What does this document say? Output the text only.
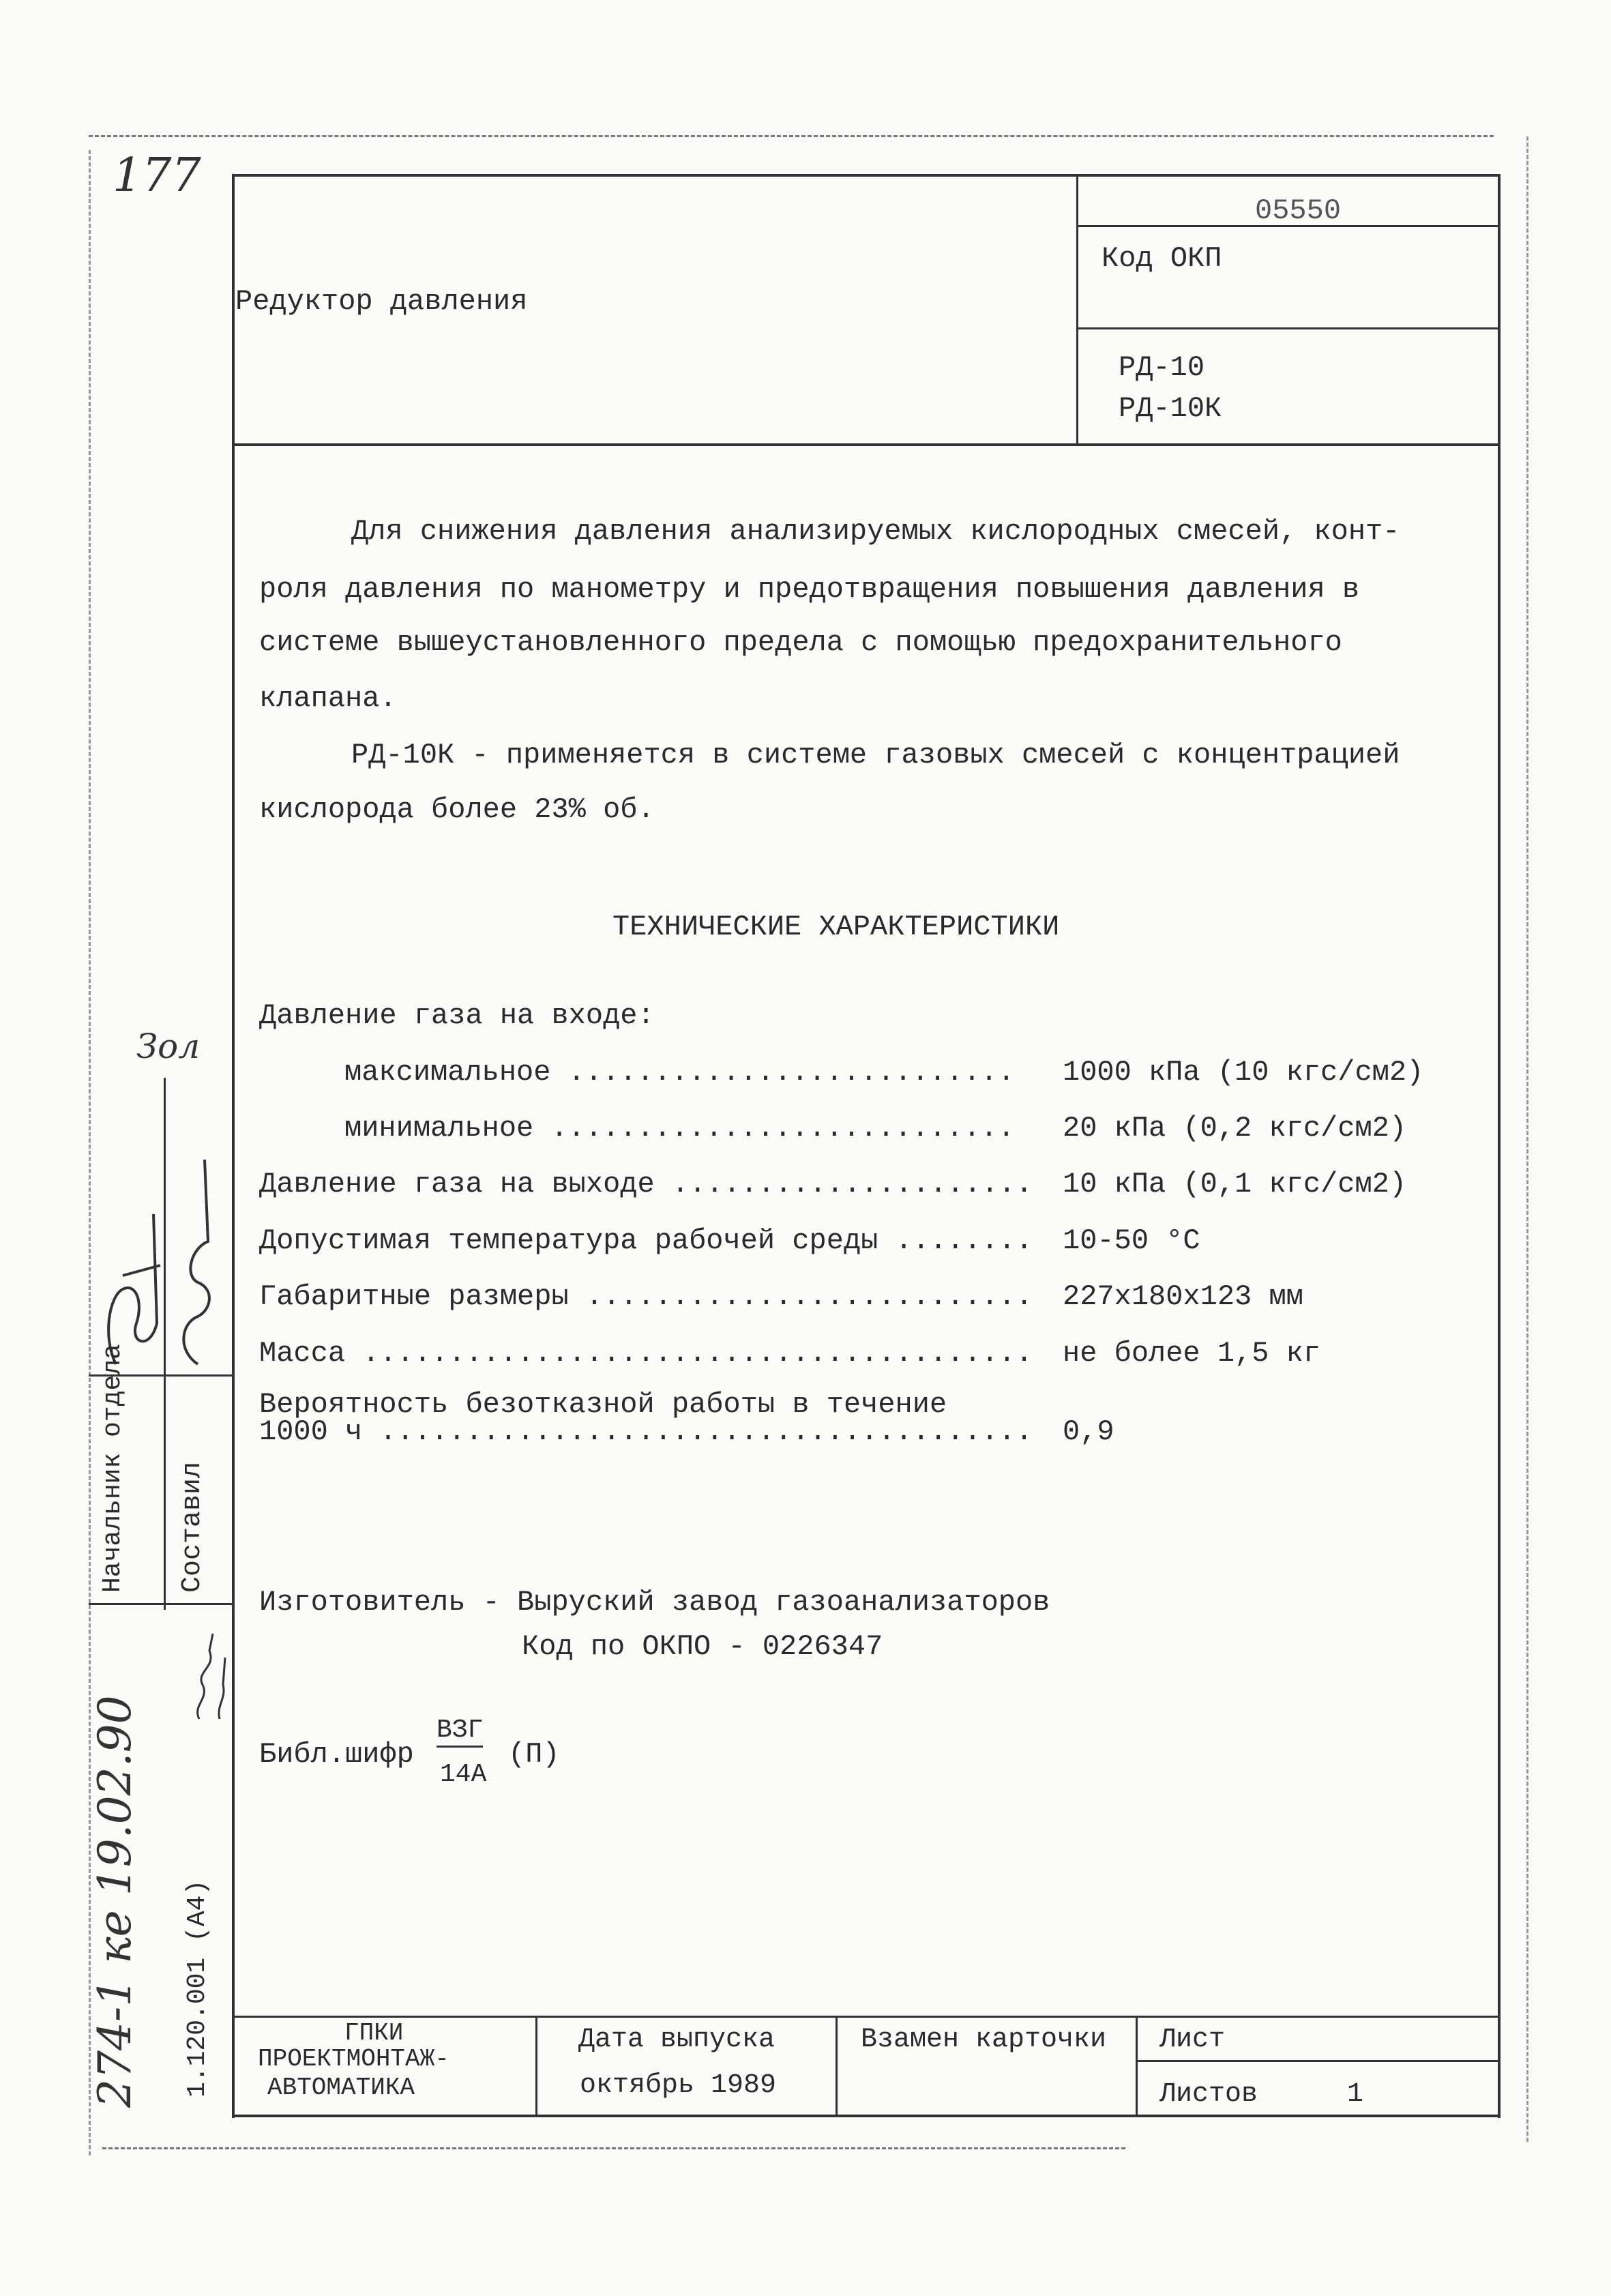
177
Редуктор давления
05550
Код ОКП
РД-10
РД-10К
Для снижения давления анализируемых кислородных смесей, конт-
роля давления по манометру и предотвращения повышения давления в
системе вышеустановленного предела с помощью предохранительного
клапана.
РД-10К - применяется в системе газовых смесей с концентрацией
кислорода более 23% об.
ТЕХНИЧЕСКИЕ ХАРАКТЕРИСТИКИ
Давление газа на входе:
максимальное .......................... 1000 кПа (10 кгс/см2)
минимальное ........................... 20 кПа (0,2 кгс/см2)
Давление газа на выходе ..................... 10 кПа (0,1 кгс/см2)
Допустимая температура рабочей среды ........ 10-50 °С
Габаритные размеры .......................... 227х180х123 мм
Масса ....................................... не более 1,5 кг
Вероятность безотказной работы в течение
1000 ч ...................................... 0,9
Изготовитель - Выруский завод газоанализаторов
Код по ОКПО - 0226347
Библ.шифр
ВЗГ
14А
(П)
Зол
Начальник отдела Составил
274-1 ке 19.02.90 1.120.001 (А4)	ГПКИ
ПРОЕКТМОНТАЖ-
АВТОМАТИКА
Дата выпуска
октябрь 1989
Взамен карточки Лист
Листов	1
